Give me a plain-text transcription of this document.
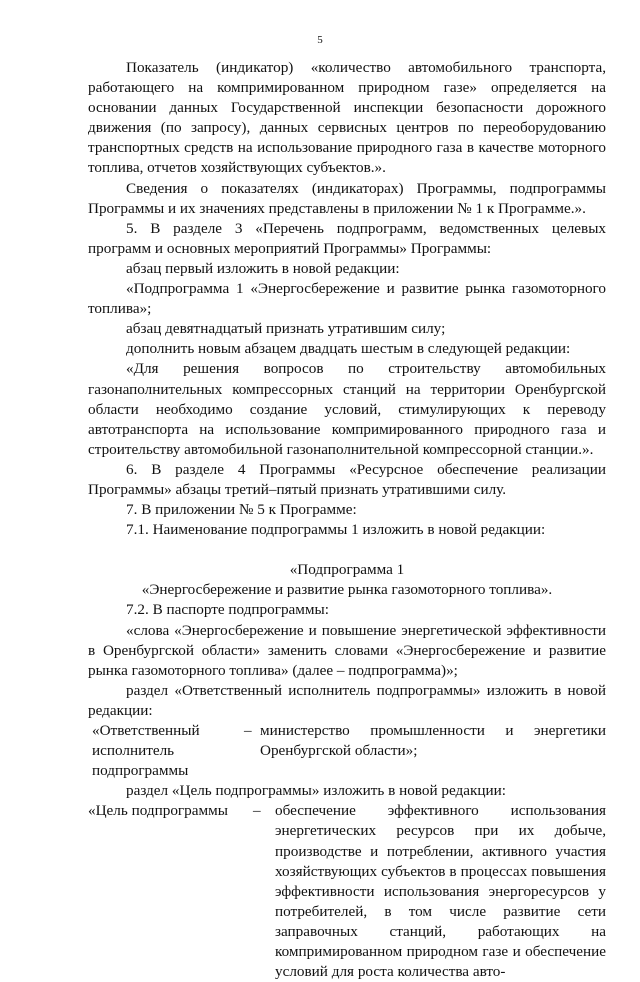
5

Показатель (индикатор) «количество автомобильного транспорта, работающего на компримированном природном газе» определяется на основании данных Государственной инспекции безопасности дорожного движения (по запросу), данных сервисных центров по переоборудованию транспортных средств на использование природного газа в качестве моторного топлива, отчетов хозяйствующих субъектов.».

Сведения о показателях (индикаторах) Программы, подпрограммы Программы и их значениях представлены в приложении № 1 к Программе.».

5. В разделе 3 «Перечень подпрограмм, ведомственных целевых программ и основных мероприятий Программы» Программы:

абзац первый изложить в новой редакции:

«Подпрограмма 1 «Энергосбережение и развитие рынка газомоторного топлива»;

абзац девятнадцатый признать утратившим силу;

дополнить новым абзацем двадцать шестым в следующей редакции:

«Для решения вопросов по строительству автомобильных газонаполнительных компрессорных станций на территории Оренбургской области необходимо создание условий, стимулирующих к переводу автотранспорта на использование компримированного природного газа и строительству автомобильной газонаполнительной компрессорной станции.».

6. В разделе 4 Программы «Ресурсное обеспечение реализации Программы» абзацы третий–пятый признать утратившими силу.

7. В приложении № 5 к Программе:

7.1. Наименование подпрограммы 1 изложить в новой редакции:

«Подпрограмма 1

«Энергосбережение и развитие рынка газомоторного топлива».

7.2. В паспорте подпрограммы:

«слова «Энергосбережение и повышение энергетической эффективности в Оренбургской области» заменить словами «Энергосбережение и развитие рынка газомоторного топлива» (далее – подпрограмма)»;

раздел «Ответственный исполнитель подпрограммы» изложить в новой редакции:

«Ответственный исполнитель подпрограммы
– министерство промышленности и энергетики Оренбургской области»;

раздел «Цель подпрограммы» изложить в новой редакции:

«Цель подпрограммы	– обеспечение эффективного использования энергетических ресурсов при их добыче, производстве и потреблении, активного участия хозяйствующих субъектов в процессах повышения эффективности использования энергоресурсов у потребителей, в том числе развитие сети заправочных станций, работающих на компримированном природном газе и обеспечение условий для роста количества авто-
